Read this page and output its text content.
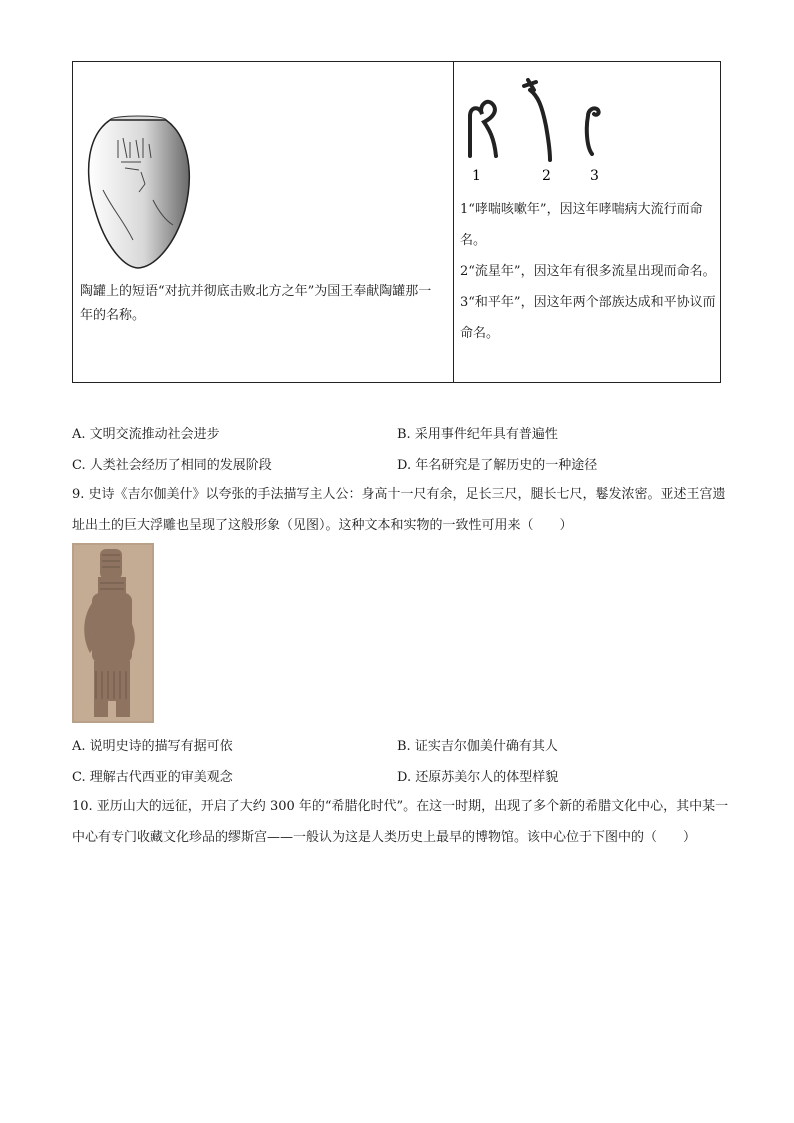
陶罐上的短语“对抗并彻底击败北方之年”为国王奉献陶罐那一年的名称。
1	2	3

1“哮喘咳嗽年”，因这年哮喘病大流行而命名。

2“流星年”，因这年有很多流星出现而命名。

3“和平年”，因这年两个部族达成和平协议而命名。

A. 文明交流推动社会进步	B. 采用事件纪年具有普遍性
C. 人类社会经历了相同的发展阶段	D. 年名研究是了解历史的一种途径
9. 史诗《吉尔伽美什》以夸张的手法描写主人公：身高十一尺有余，足长三尺，腿长七尺，鬈发浓密。亚述王宫遗址出土的巨大浮雕也呈现了这般形象（见图）。这种文本和实物的一致性可用来（　　）
A. 说明史诗的描写有据可依	B. 证实吉尔伽美什确有其人
C. 理解古代西亚的审美观念	D. 还原苏美尔人的体型样貌
10. 亚历山大的远征，开启了大约 300 年的“希腊化时代”。在这一时期，出现了多个新的希腊文化中心，其中某一中心有专门收藏文化珍品的缪斯宫——一般认为这是人类历史上最早的博物馆。该中心位于下图中的（　　）
